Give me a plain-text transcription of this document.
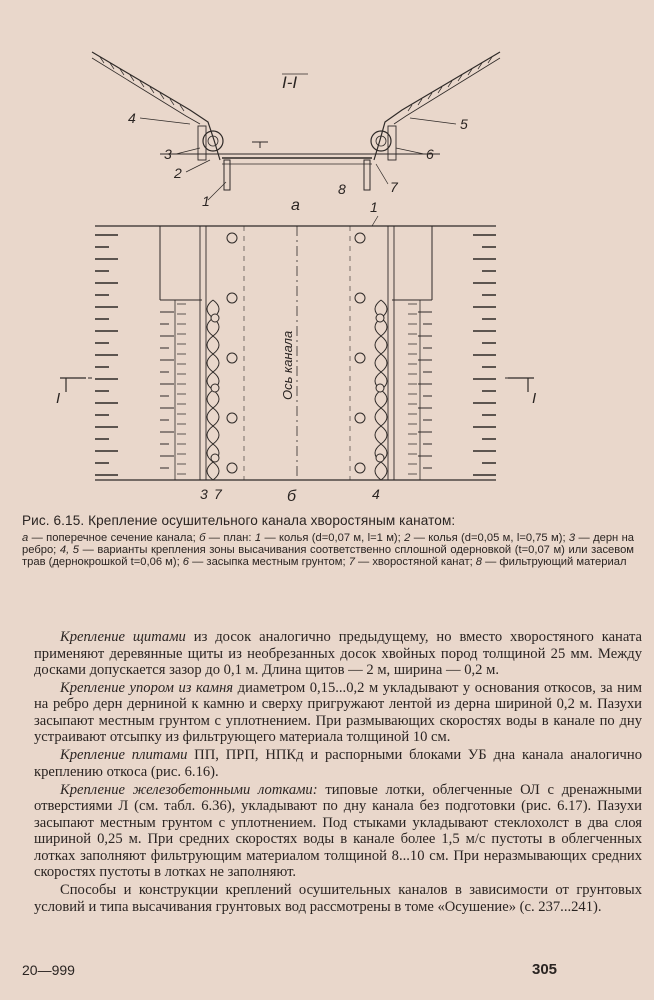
I-I
4
3
2
1
5
6
8	7
а	1
Ось канала
I	I
3 7	б	4
Рис. 6.15. Крепление осушительного канала хворостяным канатом:

а — поперечное сечение канала; б — план: 1 — колья (d=0,07 м, l=1 м); 2 — колья (d=0,05 м, l=0,75 м); 3 — дерн на ребро; 4, 5 — варианты крепления зоны высачивания соответственно сплошной одерновкой (t=0,07 м) или засевом трав (дернокрошкой t=0,06 м); 6 — засыпка местным грунтом; 7 — хворостяной канат; 8 — фильтрующий материал

Крепление щитами из досок аналогично предыдущему, но вместо хворостяного каната применяют деревянные щиты из необрезанных досок хвойных пород толщиной 25 мм. Между досками допускается зазор до 0,1 м. Длина щитов — 2 м, ширина — 0,2 м.

Крепление упором из камня диаметром 0,15...0,2 м укладывают у основания откосов, за ним на ребро дерн дерниной к камню и сверху пригружают лентой из дерна шириной 0,2 м. Пазухи засыпают местным грунтом с уплотнением. При размывающих скоростях воды в канале по дну устраивают отсыпку из фильтрующего материала толщиной 10 см.

Крепление плитами ПП, ПРП, НПКд и распорными блоками УБ дна канала аналогично креплению откоса (рис. 6.16).

Крепление железобетонными лотками: типовые лотки, облегченные ОЛ с дренажными отверстиями Л (см. табл. 6.36), укладывают по дну канала без подготовки (рис. 6.17). Пазухи засыпают местным грунтом с уплотнением. Под стыками укладывают стеклохолст в два слоя шириной 0,25 м. При средних скоростях воды в канале более 1,5 м/с пустоты в облегченных лотках заполняют фильтрующим материалом толщиной 8...10 см. При неразмывающих средних скоростях пустоты в лотках не заполняют.

Способы и конструкции креплений осушительных каналов в зависимости от грунтовых условий и типа высачивания грунтовых вод рассмотрены в томе «Осушение» (с. 237...241).

20—999	305
